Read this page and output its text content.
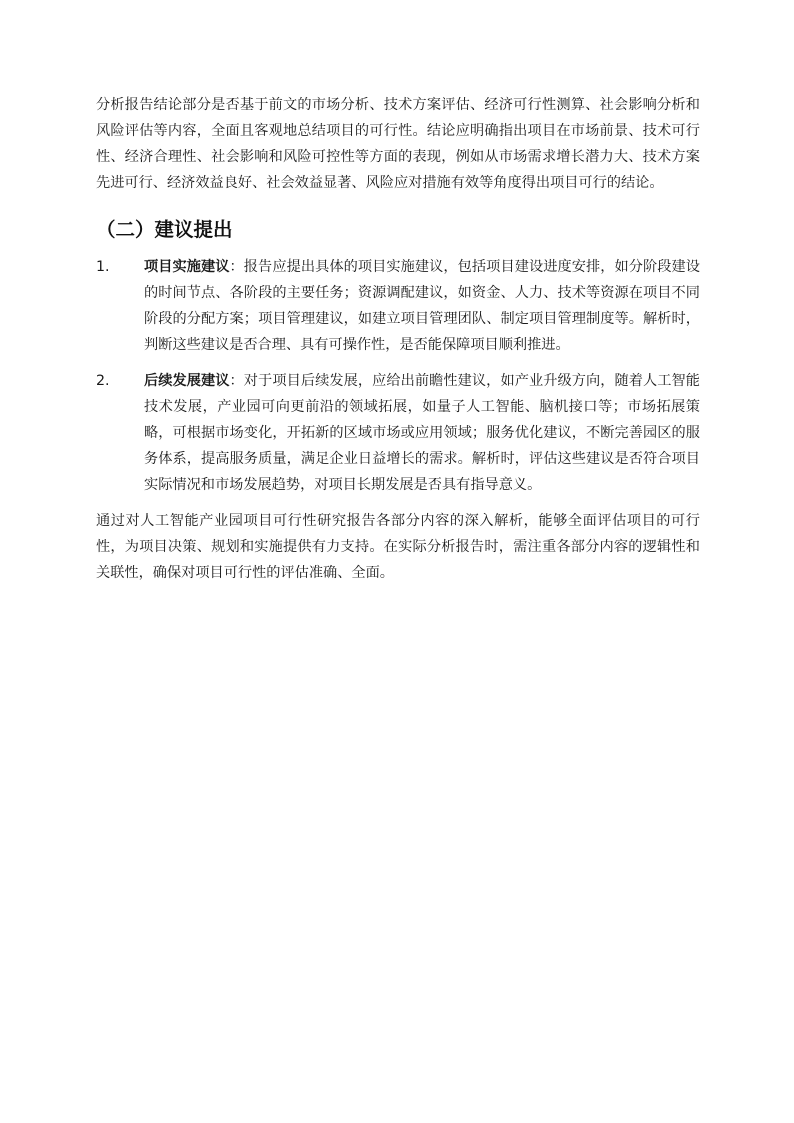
分析报告结论部分是否基于前文的市场分析、技术方案评估、经济可行性测算、社会影响分析和风险评估等内容，全面且客观地总结项目的可行性。结论应明确指出项目在市场前景、技术可行性、经济合理性、社会影响和风险可控性等方面的表现，例如从市场需求增长潜力大、技术方案先进可行、经济效益良好、社会效益显著、风险应对措施有效等角度得出项目可行的结论。

（二）建议提出
1. 项目实施建议：报告应提出具体的项目实施建议，包括项目建设进度安排，如分阶段建设的时间节点、各阶段的主要任务；资源调配建议，如资金、人力、技术等资源在项目不同阶段的分配方案；项目管理建议，如建立项目管理团队、制定项目管理制度等。解析时，判断这些建议是否合理、具有可操作性，是否能保障项目顺利推进。
2. 后续发展建议：对于项目后续发展，应给出前瞻性建议，如产业升级方向，随着人工智能技术发展，产业园可向更前沿的领域拓展，如量子人工智能、脑机接口等；市场拓展策略，可根据市场变化，开拓新的区域市场或应用领域；服务优化建议，不断完善园区的服务体系，提高服务质量，满足企业日益增长的需求。解析时，评估这些建议是否符合项目实际情况和市场发展趋势，对项目长期发展是否具有指导意义。

通过对人工智能产业园项目可行性研究报告各部分内容的深入解析，能够全面评估项目的可行性，为项目决策、规划和实施提供有力支持。在实际分析报告时，需注重各部分内容的逻辑性和关联性，确保对项目可行性的评估准确、全面。
